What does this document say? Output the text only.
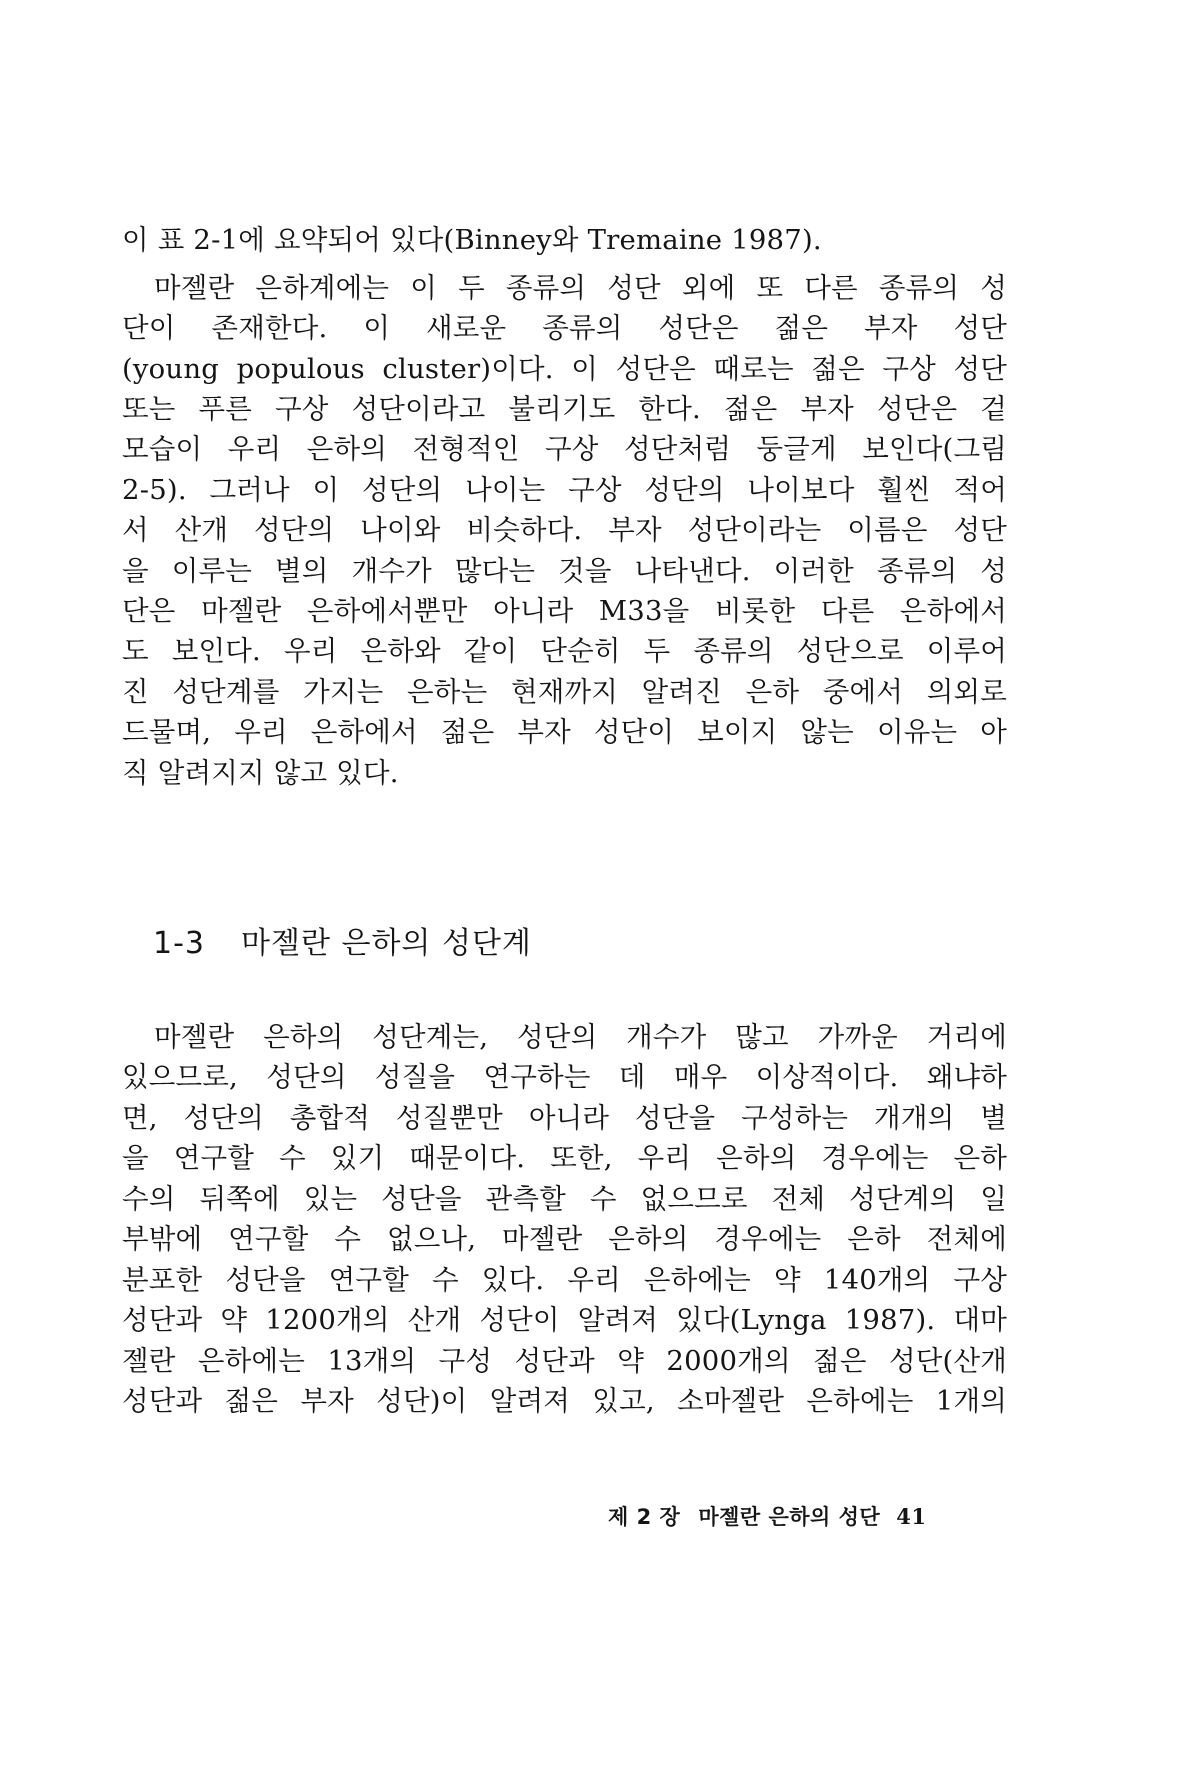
이 표 2-1에 요약되어 있다(Binney와 Tremaine 1987).
마젤란 은하계에는 이 두 종류의 성단 외에 또 다른 종류의 성
단이 존재한다. 이 새로운 종류의 성단은 젊은 부자 성단
(young populous cluster)이다. 이 성단은 때로는 젊은 구상 성단
또는 푸른 구상 성단이라고 불리기도 한다. 젊은 부자 성단은 겉
모습이 우리 은하의 전형적인 구상 성단처럼 둥글게 보인다(그림
2-5). 그러나 이 성단의 나이는 구상 성단의 나이보다 훨씬 적어
서 산개 성단의 나이와 비슷하다. 부자 성단이라는 이름은 성단
을 이루는 별의 개수가 많다는 것을 나타낸다. 이러한 종류의 성
단은 마젤란 은하에서뿐만 아니라 M33을 비롯한 다른 은하에서
도 보인다. 우리 은하와 같이 단순히 두 종류의 성단으로 이루어
진 성단계를 가지는 은하는 현재까지 알려진 은하 중에서 의외로
드물며, 우리 은하에서 젊은 부자 성단이 보이지 않는 이유는 아
직 알려지지 않고 있다.
1-3 마젤란 은하의 성단계
마젤란 은하의 성단계는, 성단의 개수가 많고 가까운 거리에
있으므로, 성단의 성질을 연구하는 데 매우 이상적이다. 왜냐하
면, 성단의 총합적 성질뿐만 아니라 성단을 구성하는 개개의 별
을 연구할 수 있기 때문이다. 또한, 우리 은하의 경우에는 은하
수의 뒤쪽에 있는 성단을 관측할 수 없으므로 전체 성단계의 일
부밖에 연구할 수 없으나, 마젤란 은하의 경우에는 은하 전체에
분포한 성단을 연구할 수 있다. 우리 은하에는 약 140개의 구상
성단과 약 1200개의 산개 성단이 알려져 있다(Lynga 1987). 대마
젤란 은하에는 13개의 구성 성단과 약 2000개의 젊은 성단(산개
성단과 젊은 부자 성단)이 알려져 있고, 소마젤란 은하에는 1개의
제 2 장 마젤란 은하의 성단 41
